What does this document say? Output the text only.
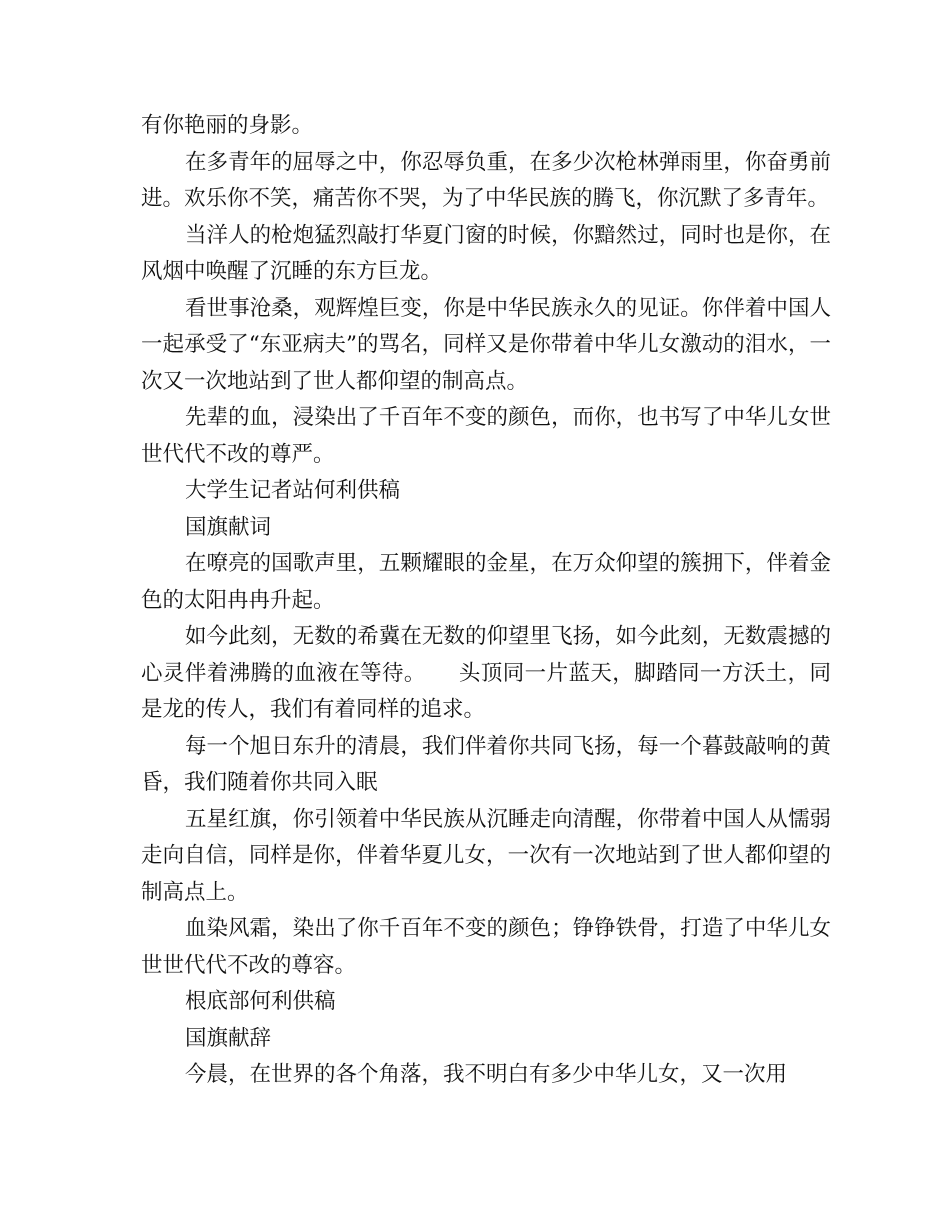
有你艳丽的身影。

在多青年的屈辱之中，你忍辱负重，在多少次枪林弹雨里，你奋勇前进。欢乐你不笑，痛苦你不哭，为了中华民族的腾飞，你沉默了多青年。

当洋人的枪炮猛烈敲打华夏门窗的时候，你黯然过，同时也是你，在风烟中唤醒了沉睡的东方巨龙。

看世事沧桑，观辉煌巨变，你是中华民族永久的见证。你伴着中国人一起承受了“东亚病夫”的骂名，同样又是你带着中华儿女激动的泪水，一次又一次地站到了世人都仰望的制高点。

先辈的血，浸染出了千百年不变的颜色，而你，也书写了中华儿女世世代代不改的尊严。

大学生记者站何利供稿

国旗献词

在嘹亮的国歌声里，五颗耀眼的金星，在万众仰望的簇拥下，伴着金色的太阳冉冉升起。

如今此刻，无数的希冀在无数的仰望里飞扬，如今此刻，无数震撼的心灵伴着沸腾的血液在等待。　　头顶同一片蓝天，脚踏同一方沃土，同是龙的传人，我们有着同样的追求。

每一个旭日东升的清晨，我们伴着你共同飞扬，每一个暮鼓敲响的黄昏，我们随着你共同入眠

五星红旗，你引领着中华民族从沉睡走向清醒，你带着中国人从懦弱走向自信，同样是你，伴着华夏儿女，一次有一次地站到了世人都仰望的制高点上。

血染风霜，染出了你千百年不变的颜色；铮铮铁骨，打造了中华儿女世世代代不改的尊容。

根底部何利供稿

国旗献辞

今晨，在世界的各个角落，我不明白有多少中华儿女，又一次用
